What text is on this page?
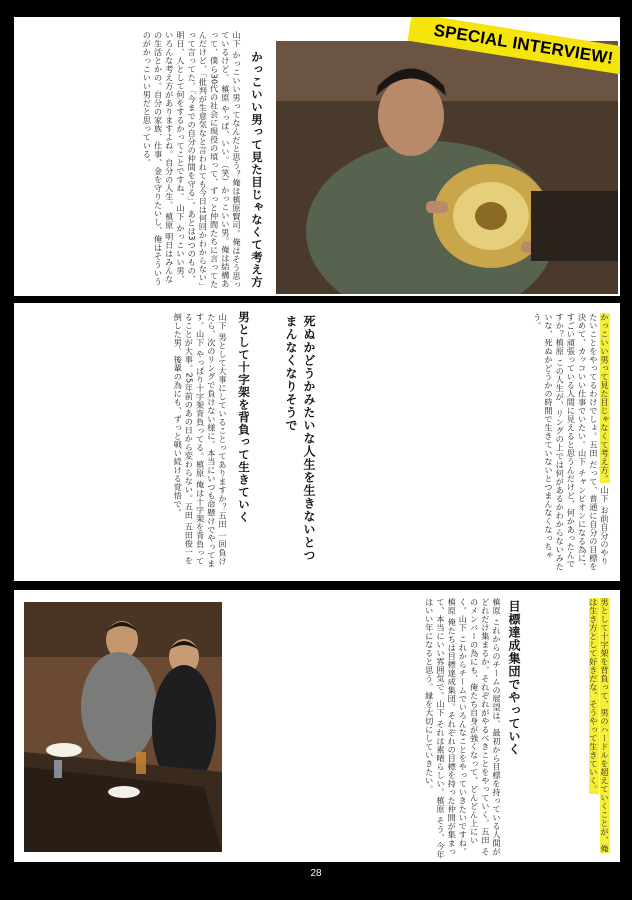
SPECIAL INTERVIEW!
かっこいい男って見た目じゃなくて考え方
山下 かっこいい男ってなんだと思う？俺は槙原賢司。俺はそう思っているけど。 槙原 やっぱ、いい。（笑）かっこいい男。俺は結構あって、僕ら30代の社会に現役の頃って、ずっと仲間たちに言ってたんだけど、「批判が生意気なと言われても今日は何回かわからない」って言ってた。「今までの自分の仲間を守る」。あとは3つのもの、明日、人として何をするかってことですね。 山下 かっこいい男、いろんな考え方がありますよね。自分の人生。 槙原 明日はみんなの生活とかの。自分の家族、仕事、金を守りたいし、俺はそういうのがかっこいい男だと思っている。
かっこいい男って見た目じゃなくて考え方。 山下 お前自分のやりたいことをやってるわけでしょ。五田 だって、普通に自分の目標を決めて、カッコいい仕事でいたい。山下 チャンピオンになる為に、すごい頑張っている人間に見えると思うんだけど、何かあったんですか？槙原 この人生が、リングの上では何があるかわからないみたいな、死ぬかどうかの時間で生きていないとつまんなくなっちゃう。
死ぬかどうかみたいな人生を生きないとつまんなくなりそうで
山下 男として大事にしていることってありますか？五田 一回負けたら、次のリングで負けない様に。本当にいつも命懸けでやってます。山下 やっぱり十字架背負ってる。槙原 俺は十字架を背負ってることが大事。25年前のあの日から変わらない。五田 五田俊一を倒した男。後輩の為にも、ずっと戦い続ける覚悟で。	男として十字架を背負って生きていく
男として十字架を背負って、男のハードルを超えていくことが、俺は生き方として好きだな、そうやって生きていく。
目標達成集団でやっていく
槙原 これからのチームの展望は、最初から目標を持っている人間がどれだけ集まるか。それぞれがやるべきことをやっていく。五田 そのメンバーの為にも、俺たち自身が強くなって、どんどん上にいく。山下 これからチームでいろんなことをやっていきたいですね。槙原 俺たちは目標達成集団。それぞれの目標を持った仲間が集まって、本当にいい雰囲気で。山下 それは素晴らしい。槙原 そう、今年はいい年になると思う。縁を大切にしていきたい。
28
